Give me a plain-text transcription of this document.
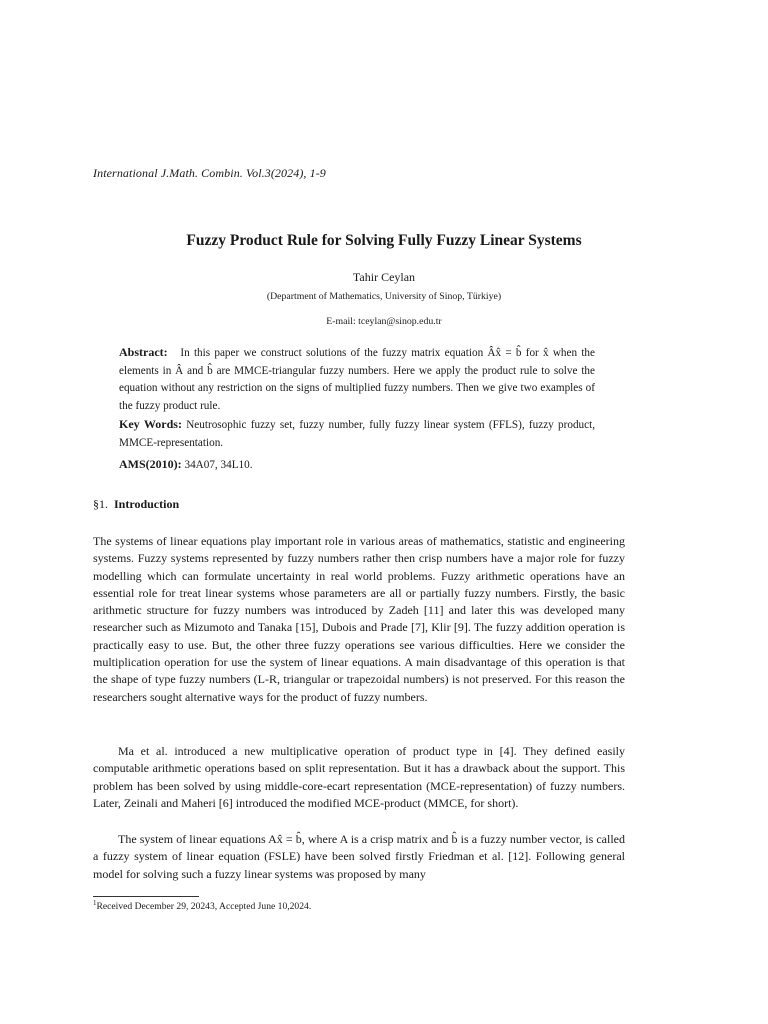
International J.Math. Combin. Vol.3(2024), 1-9
Fuzzy Product Rule for Solving Fully Fuzzy Linear Systems
Tahir Ceylan
(Department of Mathematics, University of Sinop, Türkiye)
E-mail: tceylan@sinop.edu.tr
Abstract: In this paper we construct solutions of the fuzzy matrix equation Âx̂ = b̂ for x̂ when the elements in Â and b̂ are MMCE-triangular fuzzy numbers. Here we apply the product rule to solve the equation without any restriction on the signs of multiplied fuzzy numbers. Then we give two examples of the fuzzy product rule.
Key Words: Neutrosophic fuzzy set, fuzzy number, fully fuzzy linear system (FFLS), fuzzy product, MMCE-representation.
AMS(2010): 34A07, 34L10.
§1. Introduction
The systems of linear equations play important role in various areas of mathematics, statistic and engineering systems. Fuzzy systems represented by fuzzy numbers rather then crisp numbers have a major role for fuzzy modelling which can formulate uncertainty in real world problems. Fuzzy arithmetic operations have an essential role for treat linear systems whose parameters are all or partially fuzzy numbers. Firstly, the basic arithmetic structure for fuzzy numbers was introduced by Zadeh [11] and later this was developed many researcher such as Mizumoto and Tanaka [15], Dubois and Prade [7], Klir [9]. The fuzzy addition operation is practically easy to use. But, the other three fuzzy operations see various difficulties. Here we consider the multiplication operation for use the system of linear equations. A main disadvantage of this operation is that the shape of type fuzzy numbers (L-R, triangular or trapezoidal numbers) is not preserved. For this reason the researchers sought alternative ways for the product of fuzzy numbers.
Ma et al. introduced a new multiplicative operation of product type in [4]. They defined easily computable arithmetic operations based on split representation. But it has a drawback about the support. This problem has been solved by using middle-core-ecart representation (MCE-representation) of fuzzy numbers. Later, Zeinali and Maheri [6] introduced the modified MCE-product (MMCE, for short).
The system of linear equations Ax̂ = b̂, where A is a crisp matrix and b̂ is a fuzzy number vector, is called a fuzzy system of linear equation (FSLE) have been solved firstly Friedman et al. [12]. Following general model for solving such a fuzzy linear systems was proposed by many
$^1$Received December 29, 20243, Accepted June 10,2024.
